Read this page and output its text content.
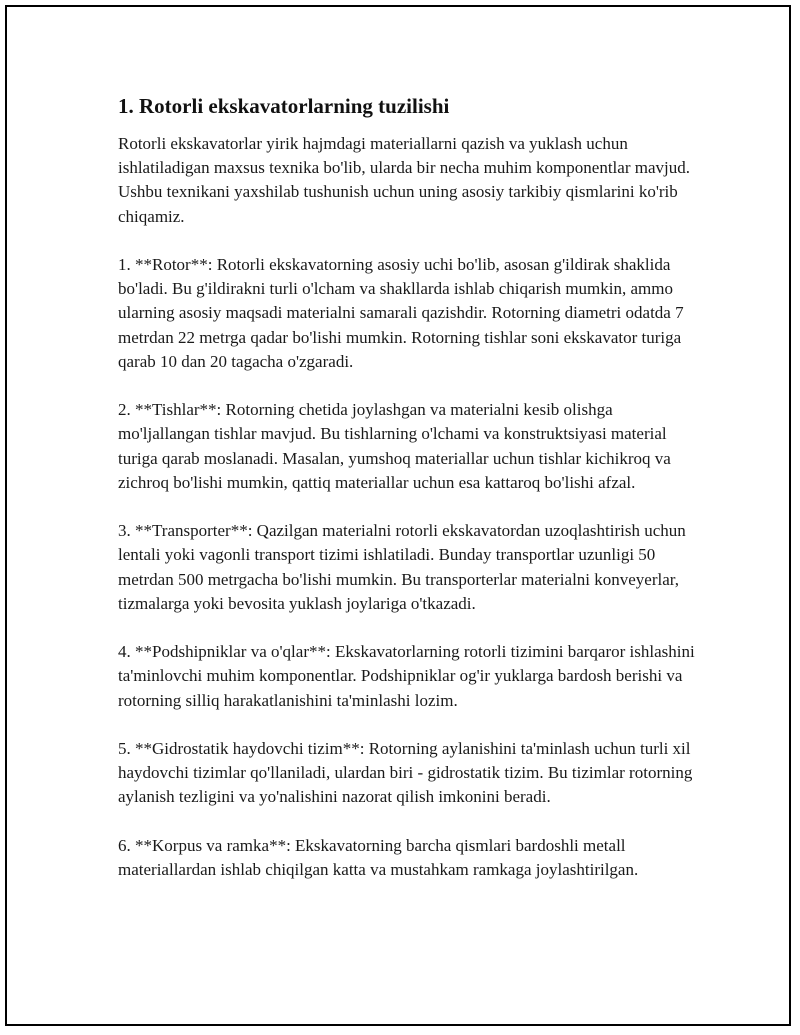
1. Rotorli ekskavatorlarning tuzilishi

Rotorli ekskavatorlar yirik hajmdagi materiallarni qazish va yuklash uchun ishlatiladigan maxsus texnika bo'lib, ularda bir necha muhim komponentlar mavjud. Ushbu texnikani yaxshilab tushunish uchun uning asosiy tarkibiy qismlarini ko'rib chiqamiz.

1. **Rotor**: Rotorli ekskavatorning asosiy uchi bo'lib, asosan g'ildirak shaklida bo'ladi. Bu g'ildirakni turli o'lcham va shakllarda ishlab chiqarish mumkin, ammo ularning asosiy maqsadi materialni samarali qazishdir. Rotorning diametri odatda 7 metrdan 22 metrga qadar bo'lishi mumkin. Rotorning tishlar soni ekskavator turiga qarab 10 dan 20 tagacha o'zgaradi.

2. **Tishlar**: Rotorning chetida joylashgan va materialni kesib olishga mo'ljallangan tishlar mavjud. Bu tishlarning o'lchami va konstruktsiyasi material turiga qarab moslanadi. Masalan, yumshoq materiallar uchun tishlar kichikroq va zichroq bo'lishi mumkin, qattiq materiallar uchun esa kattaroq bo'lishi afzal.

3. **Transporter**: Qazilgan materialni rotorli ekskavatordan uzoqlashtirish uchun lentali yoki vagonli transport tizimi ishlatiladi. Bunday transportlar uzunligi 50 metrdan 500 metrgacha bo'lishi mumkin. Bu transporterlar materialni konveyerlar, tizmalarga yoki bevosita yuklash joylariga o'tkazadi.

4. **Podshipniklar va o'qlar**: Ekskavatorlarning rotorli tizimini barqaror ishlashini ta'minlovchi muhim komponentlar. Podshipniklar og'ir yuklarga bardosh berishi va rotorning silliq harakatlanishini ta'minlashi lozim.

5. **Gidrostatik haydovchi tizim**: Rotorning aylanishini ta'minlash uchun turli xil haydovchi tizimlar qo'llaniladi, ulardan biri - gidrostatik tizim. Bu tizimlar rotorning aylanish tezligini va yo'nalishini nazorat qilish imkonini beradi.

6. **Korpus va ramka**: Ekskavatorning barcha qismlari bardoshli metall materiallardan ishlab chiqilgan katta va mustahkam ramkaga joylashtirilgan.
